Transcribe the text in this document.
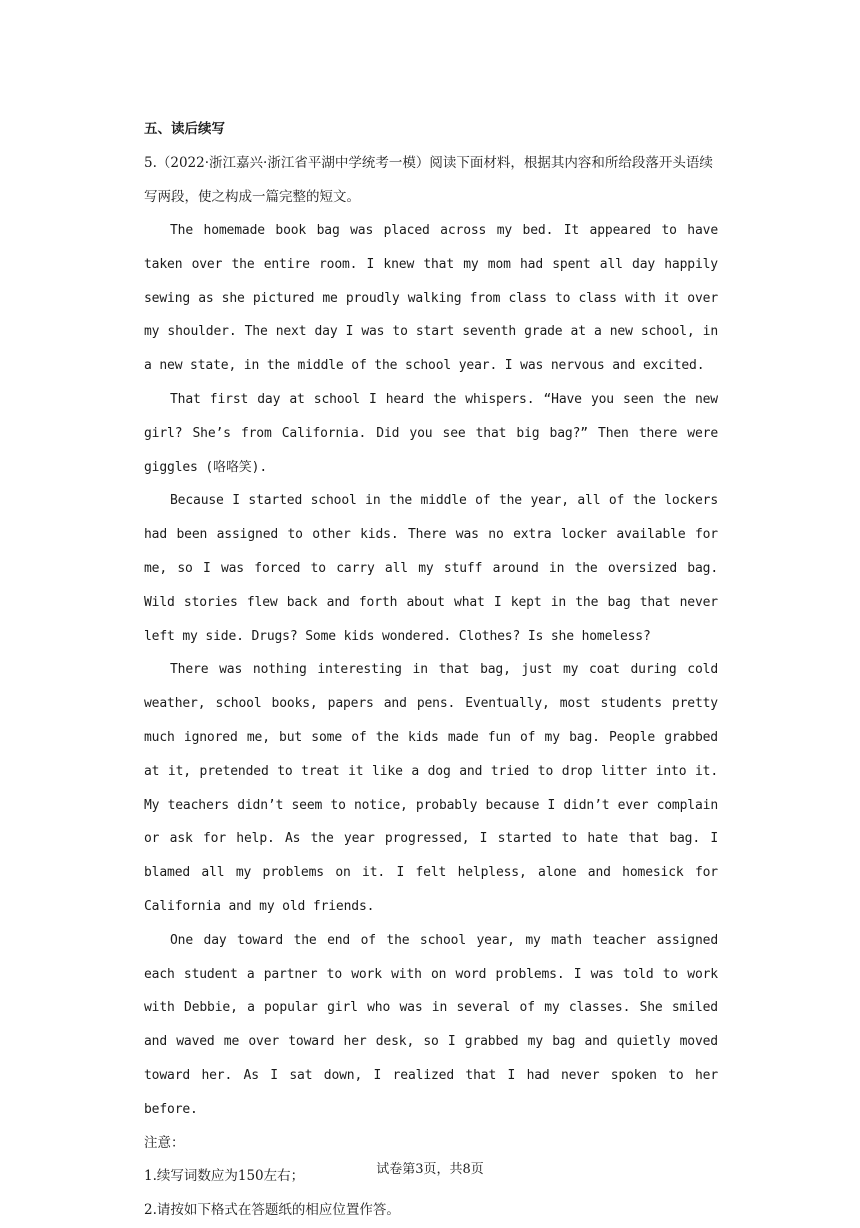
五、读后续写

5.（2022·浙江嘉兴·浙江省平湖中学统考一模）阅读下面材料，根据其内容和所给段落开头语续写两段，使之构成一篇完整的短文。

The homemade book bag was placed across my bed. It appeared to have taken over the entire room. I knew that my mom had spent all day happily sewing as she pictured me proudly walking from class to class with it over my shoulder. The next day I was to start seventh grade at a new school, in a new state, in the middle of the school year. I was nervous and excited.

That first day at school I heard the whispers. “Have you seen the new girl? She’s from California. Did you see that big bag?” Then there were giggles (咯咯笑).

Because I started school in the middle of the year, all of the lockers had been assigned to other kids. There was no extra locker available for me, so I was forced to carry all my stuff around in the oversized bag. Wild stories flew back and forth about what I kept in the bag that never left my side. Drugs? Some kids wondered. Clothes? Is she homeless?

There was nothing interesting in that bag, just my coat during cold weather, school books, papers and pens. Eventually, most students pretty much ignored me, but some of the kids made fun of my bag. People grabbed at it, pretended to treat it like a dog and tried to drop litter into it. My teachers didn’t seem to notice, probably because I didn’t ever complain or ask for help. As the year progressed, I started to hate that bag. I blamed all my problems on it. I felt helpless, alone and homesick for California and my old friends.

One day toward the end of the school year, my math teacher assigned each student a partner to work with on word problems. I was told to work with Debbie, a popular girl who was in several of my classes. She smiled and waved me over toward her desk, so I grabbed my bag and quietly moved toward her. As I sat down, I realized that I had never spoken to her before.

注意：

1.续写词数应为150左右；

2.请按如下格式在答题纸的相应位置作答。

试卷第3页，共8页
